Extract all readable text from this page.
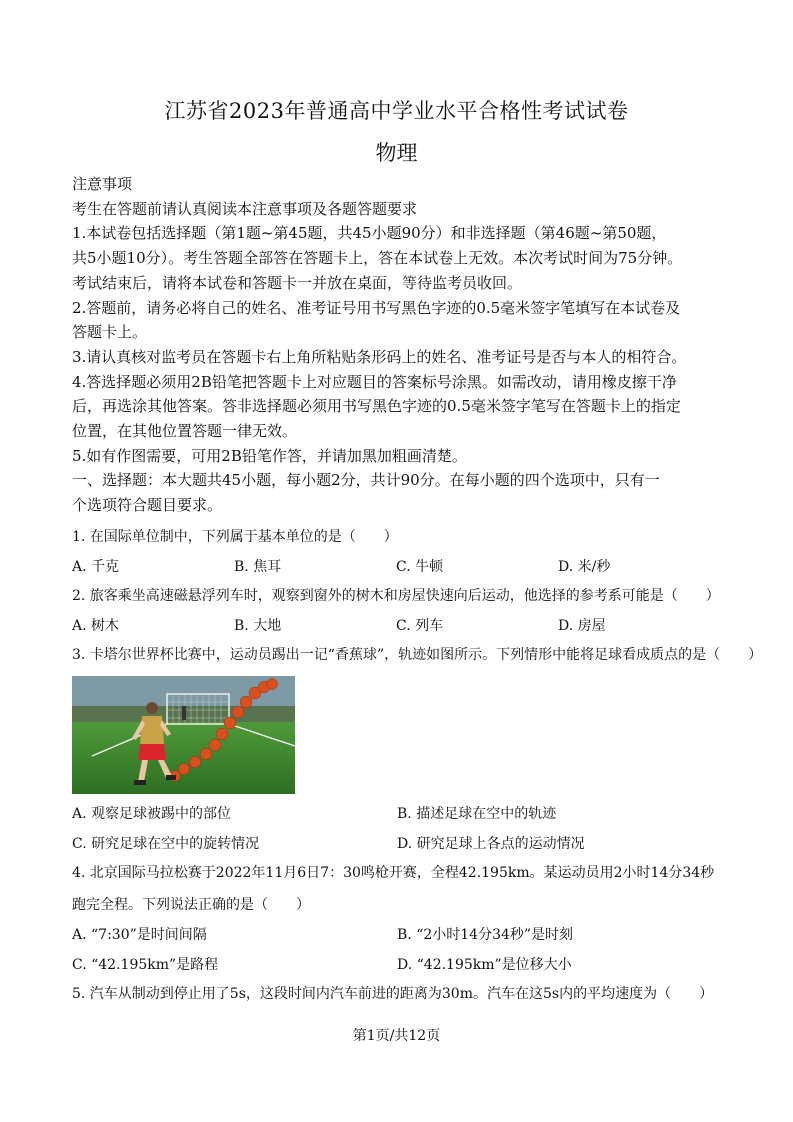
江苏省2023年普通高中学业水平合格性考试试卷
物理
注意事项
考生在答题前请认真阅读本注意事项及各题答题要求
1.本试卷包括选择题（第1题~第45题，共45小题90分）和非选择题（第46题~第50题，
共5小题10分）。考生答题全部答在答题卡上，答在本试卷上无效。本次考试时间为75分钟。
考试结束后，请将本试卷和答题卡一并放在桌面，等待监考员收回。
2.答题前，请务必将自己的姓名、准考证号用书写黑色字迹的0.5毫米签字笔填写在本试卷及
答题卡上。
3.请认真核对监考员在答题卡右上角所粘贴条形码上的姓名、准考证号是否与本人的相符合。
4.答选择题必须用2B铅笔把答题卡上对应题目的答案标号涂黑。如需改动，请用橡皮擦干净
后，再选涂其他答案。答非选择题必须用书写黑色字迹的0.5毫米签字笔写在答题卡上的指定
位置，在其他位置答题一律无效。
5.如有作图需要，可用2B铅笔作答，并请加黑加粗画清楚。
一、选择题：本大题共45小题，每小题2分，共计90分。在每小题的四个选项中，只有一
个选项符合题目要求。
1. 在国际单位制中，下列属于基本单位的是（　　）
A. 千克	B. 焦耳	C. 牛顿	D. 米/秒
2. 旅客乘坐高速磁悬浮列车时，观察到窗外的树木和房屋快速向后运动，他选择的参考系可能是（　　）
A. 树木	B. 大地	C. 列车	D. 房屋
3. 卡塔尔世界杯比赛中，运动员踢出一记“香蕉球”，轨迹如图所示。下列情形中能将足球看成质点的是（　　）
A. 观察足球被踢中的部位	B. 描述足球在空中的轨迹
C. 研究足球在空中的旋转情况	D. 研究足球上各点的运动情况
4. 北京国际马拉松赛于2022年11月6日7：30鸣枪开赛，全程42.195km。某运动员用2小时14分34秒
跑完全程。下列说法正确的是（　　）
A. “7:30”是时间间隔	B. “2小时14分34秒”是时刻
C. “42.195km”是路程	D. “42.195km”是位移大小
5. 汽车从制动到停止用了5s，这段时间内汽车前进的距离为30m。汽车在这5s内的平均速度为（　　）
第1页/共12页
